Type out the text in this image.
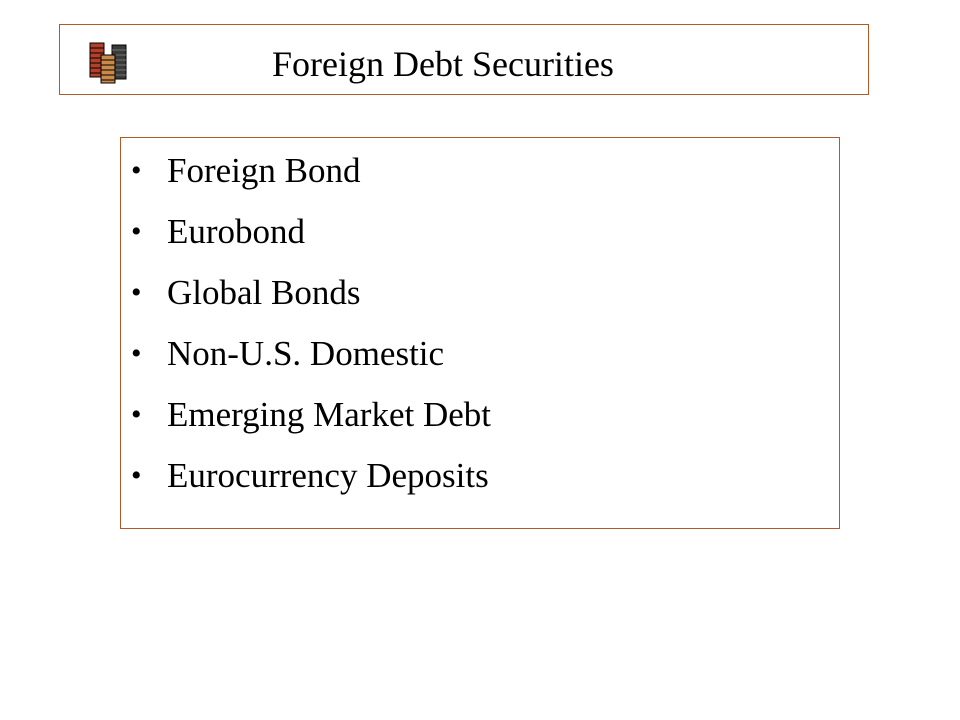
Foreign Debt Securities
• Foreign Bond
• Eurobond
• Global Bonds
• Non-U.S. Domestic
• Emerging Market Debt
• Eurocurrency Deposits
